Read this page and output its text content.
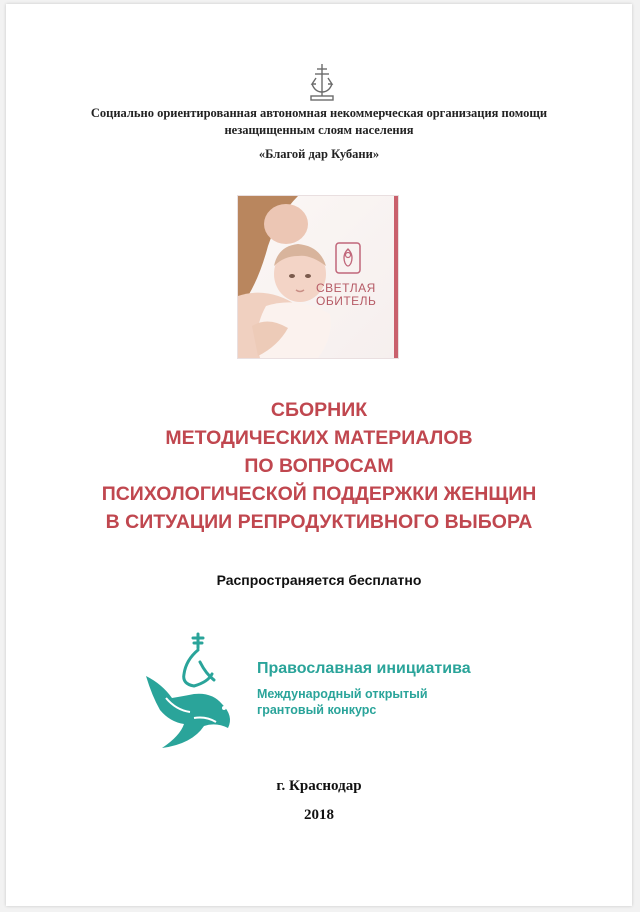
Социально ориентированная автономная некоммерческая организация помощи
незащищенным слоям населения
«Благой дар Кубани»
СВЕТЛАЯ
ОБИТЕЛЬ
СБОРНИК
МЕТОДИЧЕСКИХ МАТЕРИАЛОВ
ПО ВОПРОСАМ
ПСИХОЛОГИЧЕСКОЙ ПОДДЕРЖКИ ЖЕНЩИН
В СИТУАЦИИ РЕПРОДУКТИВНОГО ВЫБОРА
Распространяется бесплатно
Православная инициатива
Международный открытый
грантовый конкурс
г. Краснодар
2018
